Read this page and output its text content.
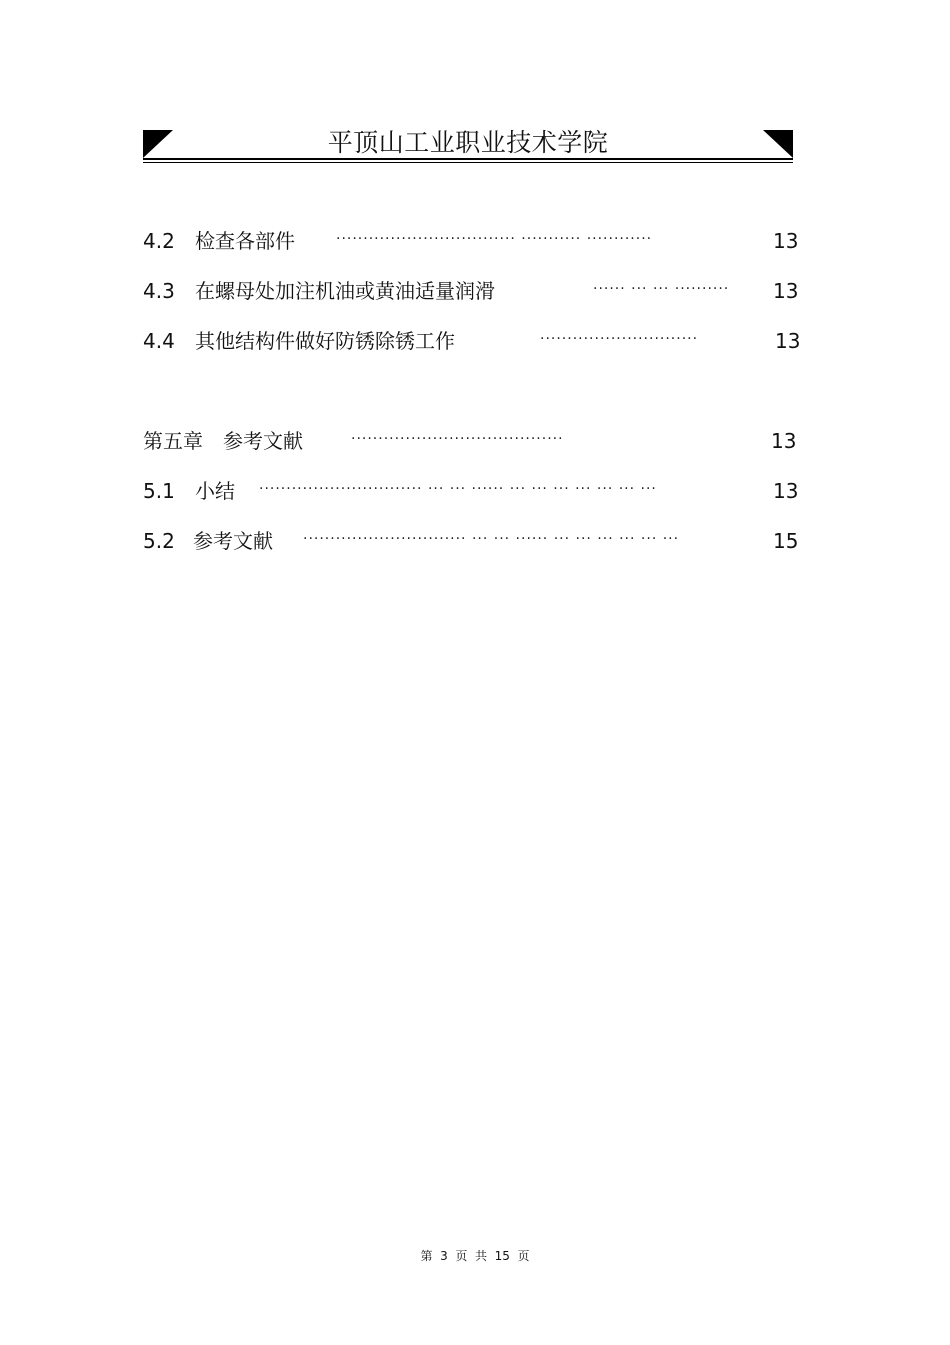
平顶山工业职业技术学院
4.2 检查各部件	································· ··········· ············	13
4.3 在螺母处加注机油或黄油适量润滑	······ ··· ··· ·········· 13
4.4 其他结构件做好防锈除锈工作	·····························	13
第五章　参考文献	·······································	13
5.1 小结 ······························ ··· ··· ······ ··· ··· ··· ··· ··· ··· ···	13
5.2 参考文献 ······························ ··· ··· ······ ··· ··· ··· ··· ··· ···	15
第  3  页  共  15  页
